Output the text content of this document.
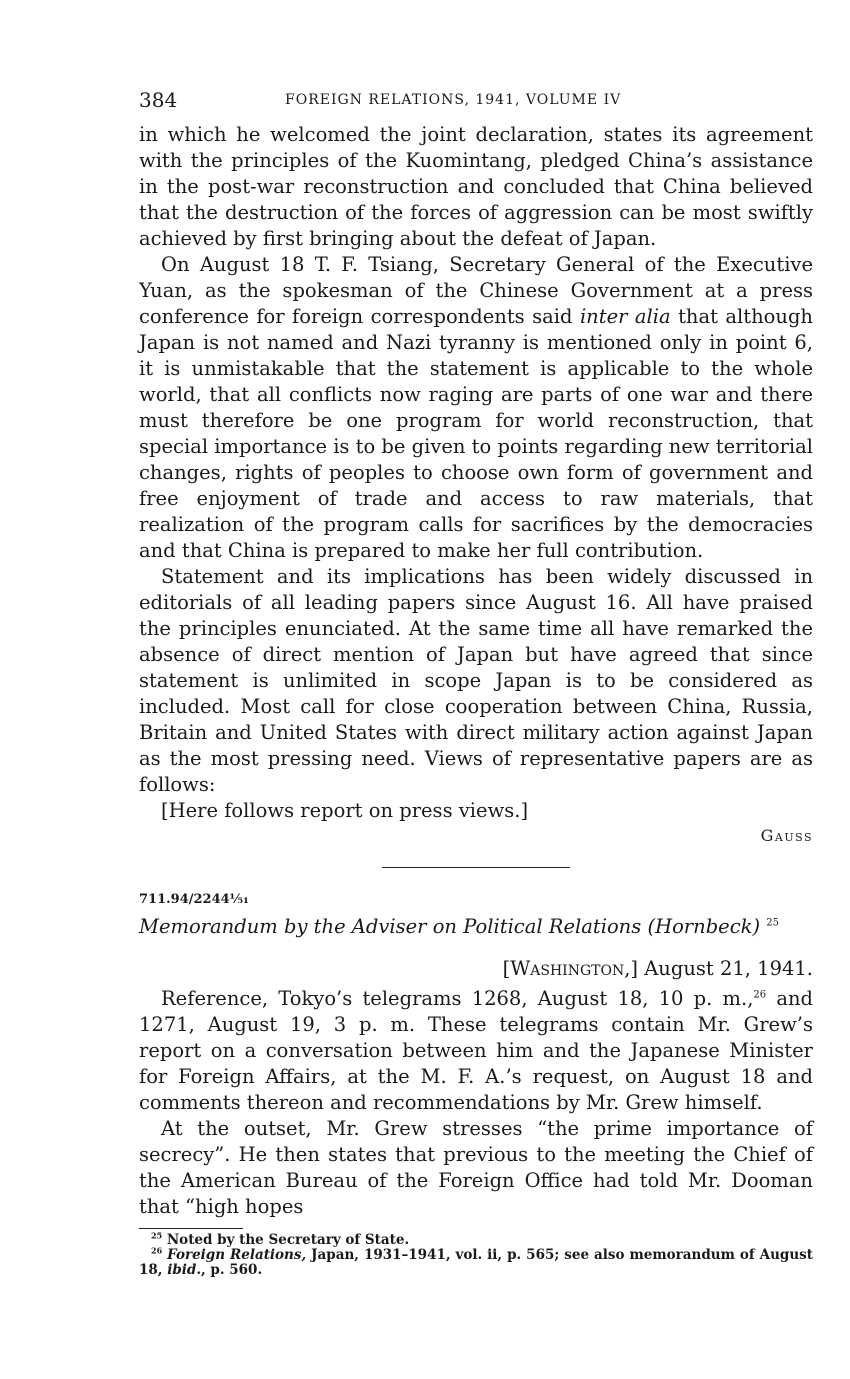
384	FOREIGN RELATIONS, 1941, VOLUME IV

in which he welcomed the joint declaration, states its agreement with the principles of the Kuomintang, pledged China’s assistance in the post-war reconstruction and concluded that China believed that the destruction of the forces of aggression can be most swiftly achieved by first bringing about the defeat of Japan.

On August 18 T. F. Tsiang, Secretary General of the Executive Yuan, as the spokesman of the Chinese Government at a press conference for foreign correspondents said inter alia that although Japan is not named and Nazi tyranny is mentioned only in point 6, it is unmistakable that the statement is applicable to the whole world, that all conflicts now raging are parts of one war and there must therefore be one program for world reconstruction, that special importance is to be given to points regarding new territorial changes, rights of peoples to choose own form of government and free enjoyment of trade and access to raw materials, that realization of the program calls for sacrifices by the democracies and that China is prepared to make her full contribution.

Statement and its implications has been widely discussed in editorials of all leading papers since August 16. All have praised the principles enunciated. At the same time all have remarked the absence of direct mention of Japan but have agreed that since statement is unlimited in scope Japan is to be considered as included. Most call for close cooperation between China, Russia, Britain and United States with direct military action against Japan as the most pressing need. Views of representative papers are as follows:

[Here follows report on press views.]

Gauss
711.94/2244⅕₁
Memorandum by the Adviser on Political Relations (Hornbeck) $^{25}$
[Washington,] August 21, 1941.

Reference, Tokyo’s telegrams 1268, August 18, 10 p. m.,$^{26}$ and 1271, August 19, 3 p. m. These telegrams contain Mr. Grew’s report on a conversation between him and the Japanese Minister for Foreign Affairs, at the M. F. A.’s request, on August 18 and comments thereon and recommendations by Mr. Grew himself.

At the outset, Mr. Grew stresses “the prime importance of secrecy”. He then states that previous to the meeting the Chief of the American Bureau of the Foreign Office had told Mr. Dooman that “high hopes

$^{25}$ Noted by the Secretary of State.
$^{26}$ Foreign Relations, Japan, 1931–1941, vol. ii, p. 565; see also memorandum of August 18, ibid., p. 560.
